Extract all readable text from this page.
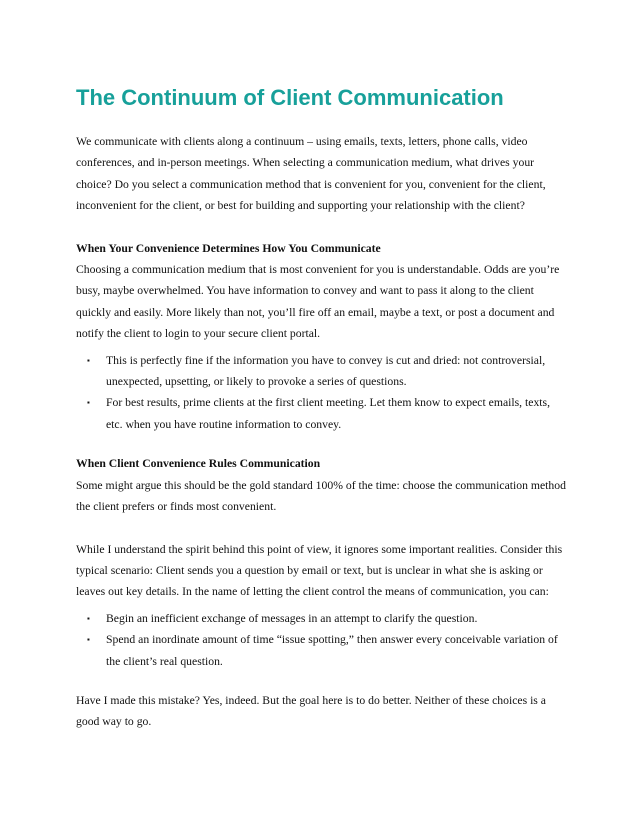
The Continuum of Client Communication

We communicate with clients along a continuum – using emails, texts, letters, phone calls, video conferences, and in-person meetings. When selecting a communication medium, what drives your choice? Do you select a communication method that is convenient for you, convenient for the client, inconvenient for the client, or best for building and supporting your relationship with the client?

When Your Convenience Determines How You Communicate

Choosing a communication medium that is most convenient for you is understandable. Odds are you’re busy, maybe overwhelmed. You have information to convey and want to pass it along to the client quickly and easily. More likely than not, you’ll fire off an email, maybe a text, or post a document and notify the client to login to your secure client portal.

▪ This is perfectly fine if the information you have to convey is cut and dried: not controversial, unexpected, upsetting, or likely to provoke a series of questions.
▪ For best results, prime clients at the first client meeting. Let them know to expect emails, texts, etc. when you have routine information to convey.

When Client Convenience Rules Communication

Some might argue this should be the gold standard 100% of the time: choose the communication method the client prefers or finds most convenient.

While I understand the spirit behind this point of view, it ignores some important realities. Consider this typical scenario: Client sends you a question by email or text, but is unclear in what she is asking or leaves out key details. In the name of letting the client control the means of communication, you can:

▪ Begin an inefficient exchange of messages in an attempt to clarify the question.
▪ Spend an inordinate amount of time “issue spotting,” then answer every conceivable variation of the client’s real question.

Have I made this mistake? Yes, indeed. But the goal here is to do better. Neither of these choices is a good way to go.
